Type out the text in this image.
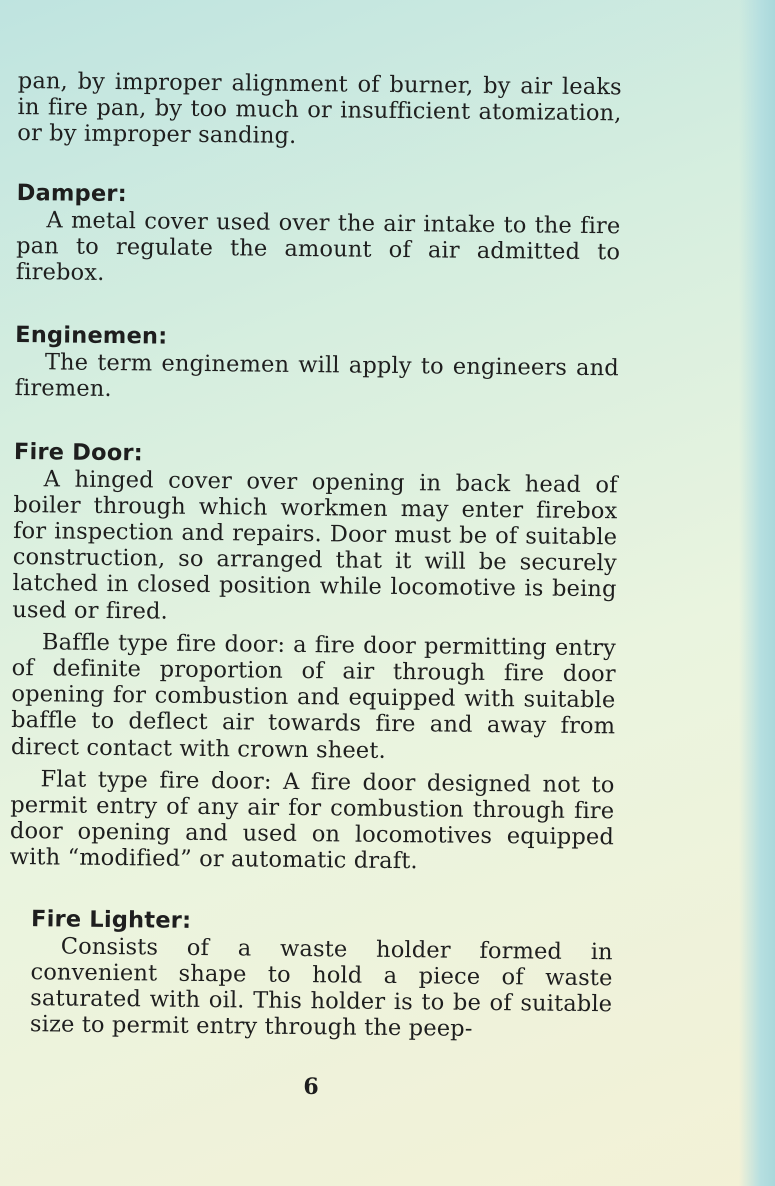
pan, by improper alignment of burner, by air leaks in fire pan, by too much or insufficient atomization, or by improper sanding.

Damper:

A metal cover used over the air intake to the fire pan to regulate the amount of air admitted to firebox.

Enginemen:

The term enginemen will apply to engineers and firemen.

Fire Door:

A hinged cover over opening in back head of boiler through which workmen may enter firebox for inspection and repairs. Door must be of suitable construction, so arranged that it will be securely latched in closed position while locomotive is being used or fired.

Baffle type fire door: a fire door permitting entry of definite proportion of air through fire door opening for combustion and equipped with suitable baffle to deflect air towards fire and away from direct contact with crown sheet.

Flat type fire door: A fire door designed not to permit entry of any air for combustion through fire door opening and used on locomotives equipped with “modified” or automatic draft.

Fire Lighter:

Consists of a waste holder formed in convenient shape to hold a piece of waste saturated with oil. This holder is to be of suitable size to permit entry through the peep-

6
